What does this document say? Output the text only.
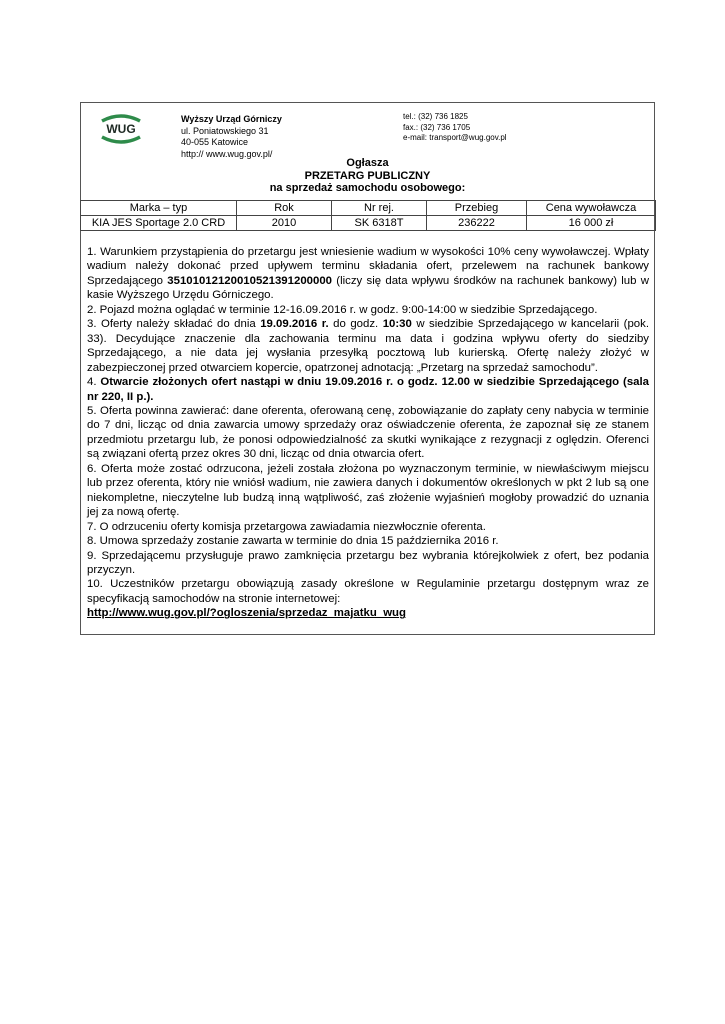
WUG
Wyższy Urząd Górniczy
ul. Poniatowskiego 31
40-055 Katowice
http:// www.wug.gov.pl/
tel.: (32) 736 1825
fax.: (32) 736 1705
e-mail: transport@wug.gov.pl
Ogłasza
PRZETARG PUBLICZNY
na sprzedaż samochodu osobowego:
Marka – typ	Rok	Nr rej.	Przebieg	Cena wywoławcza
KIA JES Sportage 2.0 CRD	2010	SK 6318T	236222	16 000 zł

1. Warunkiem przystąpienia do przetargu jest wniesienie wadium w wysokości 10% ceny wywoławczej. Wpłaty wadium należy dokonać przed upływem terminu składania ofert, przelewem na rachunek bankowy Sprzedającego 35101012120010521391200000 (liczy się data wpływu środków na rachunek bankowy) lub w kasie Wyższego Urzędu Górniczego.

2. Pojazd można oglądać w terminie 12-16.09.2016 r. w godz. 9:00-14:00 w siedzibie Sprzedającego.

3. Oferty należy składać do dnia 19.09.2016 r. do godz. 10:30 w siedzibie Sprzedającego w kancelarii (pok. 33). Decydujące znaczenie dla zachowania terminu ma data i godzina wpływu oferty do siedziby Sprzedającego, a nie data jej wysłania przesyłką pocztową lub kurierską. Ofertę należy złożyć w zabezpieczonej przed otwarciem kopercie, opatrzonej adnotacją: „Przetarg na sprzedaż samochodu”.

4. Otwarcie złożonych ofert nastąpi w dniu 19.09.2016 r. o godz. 12.00 w siedzibie Sprzedającego (sala nr 220, II p.).

5. Oferta powinna zawierać: dane oferenta, oferowaną cenę, zobowiązanie do zapłaty ceny nabycia w terminie do 7 dni, licząc od dnia zawarcia umowy sprzedaży oraz oświadczenie oferenta, że zapoznał się ze stanem przedmiotu przetargu lub, że ponosi odpowiedzialność za skutki wynikające z rezygnacji z oględzin. Oferenci są związani ofertą przez okres 30 dni, licząc od dnia otwarcia ofert.

6. Oferta może zostać odrzucona, jeżeli została złożona po wyznaczonym terminie, w niewłaściwym miejscu lub przez oferenta, który nie wniósł wadium, nie zawiera danych i dokumentów określonych w pkt 2 lub są one niekompletne, nieczytelne lub budzą inną wątpliwość, zaś złożenie wyjaśnień mogłoby prowadzić do uznania jej za nową ofertę.

7. O odrzuceniu oferty komisja przetargowa zawiadamia niezwłocznie oferenta.

8. Umowa sprzedaży zostanie zawarta w terminie do dnia 15 października 2016 r.

9. Sprzedającemu przysługuje prawo zamknięcia przetargu bez wybrania którejkolwiek z ofert, bez podania przyczyn.

10. Uczestników przetargu obowiązują zasady określone w Regulaminie przetargu dostępnym wraz ze specyfikacją samochodów na stronie internetowej:

http://www.wug.gov.pl/?ogloszenia/sprzedaz_majatku_wug
